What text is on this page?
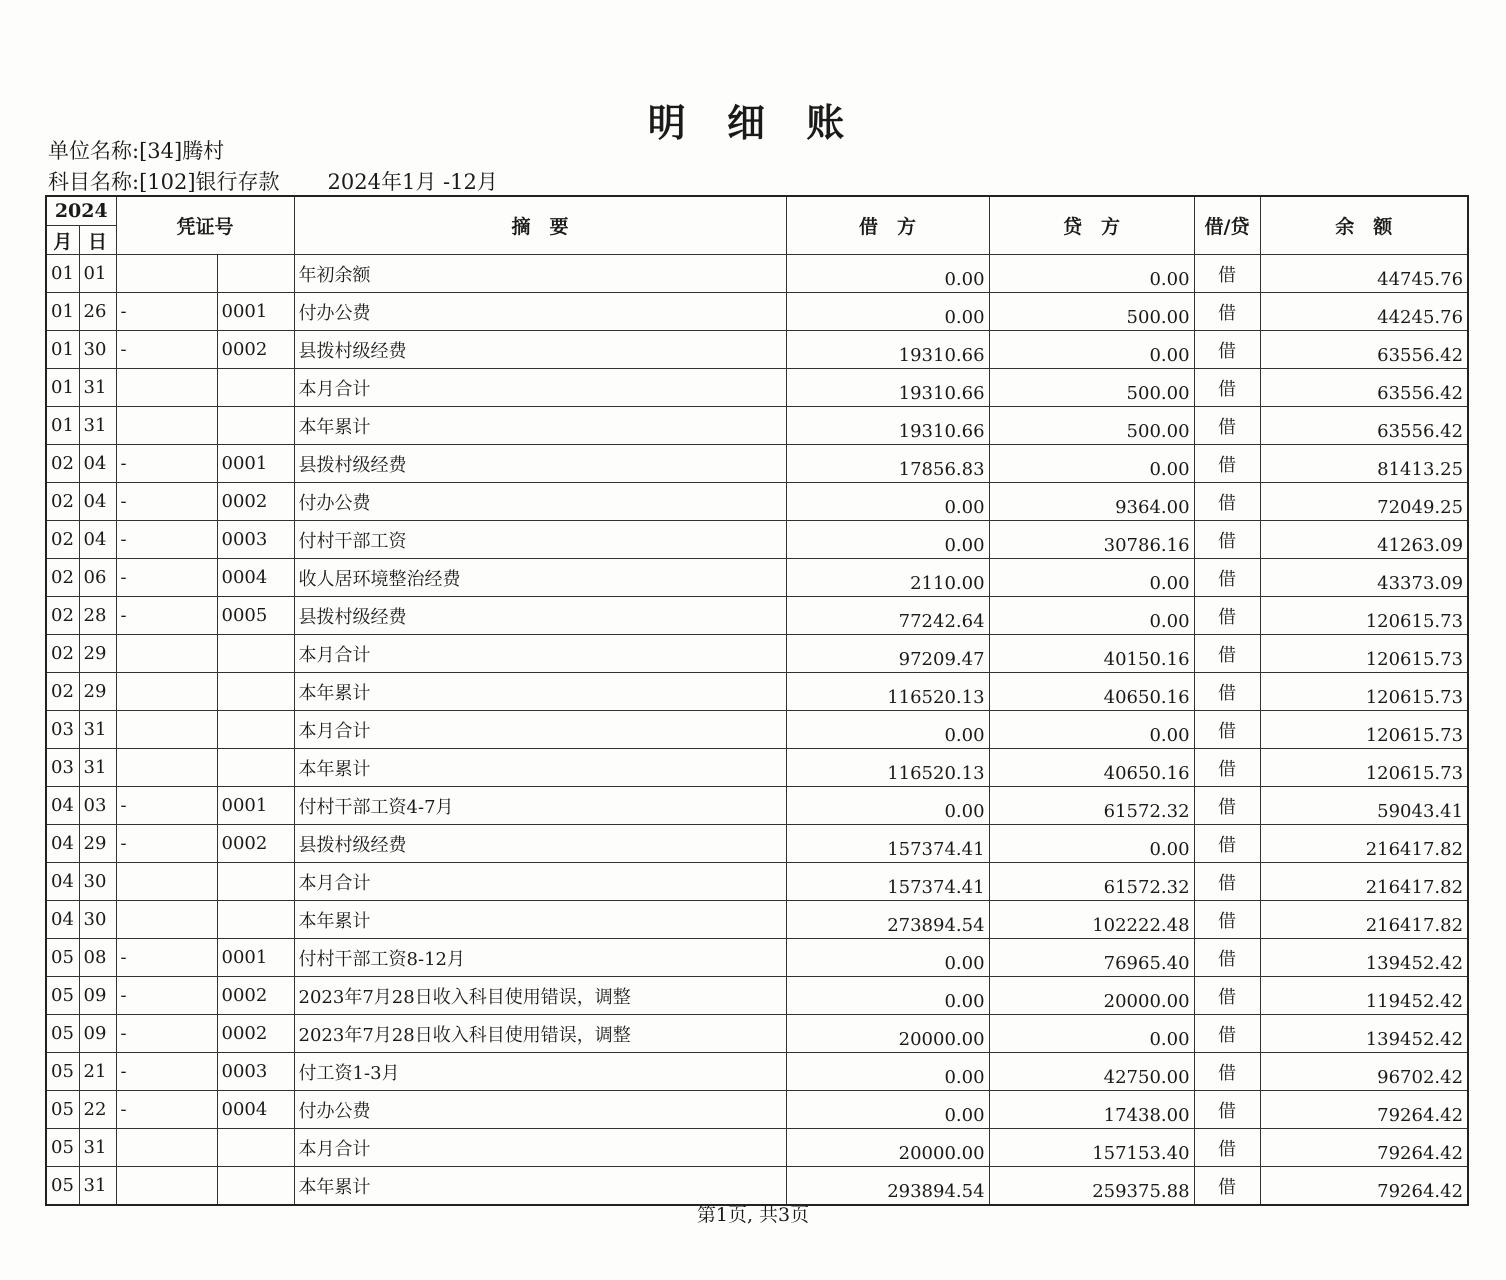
明 细 账
单位名称:[34]腾村
科目名称:[102]银行存款 2024年1月 -12月
2024		凭证号		摘　要	借　方	贷　方	借/贷	余　额
月	日							
01	01			年初余额	0.00	0.00	借	44745.76
01	26	-	0001	付办公费	0.00	500.00	借	44245.76
01	30	-	0002	县拨村级经费	19310.66	0.00	借	63556.42
01	31			本月合计	19310.66	500.00	借	63556.42
01	31			本年累计	19310.66	500.00	借	63556.42
02	04	-	0001	县拨村级经费	17856.83	0.00	借	81413.25
02	04	-	0002	付办公费	0.00	9364.00	借	72049.25
02	04	-	0003	付村干部工资	0.00	30786.16	借	41263.09
02	06	-	0004	收人居环境整治经费	2110.00	0.00	借	43373.09
02	28	-	0005	县拨村级经费	77242.64	0.00	借	120615.73
02	29			本月合计	97209.47	40150.16	借	120615.73
02	29			本年累计	116520.13	40650.16	借	120615.73
03	31			本月合计	0.00	0.00	借	120615.73
03	31			本年累计	116520.13	40650.16	借	120615.73
04	03	-	0001	付村干部工资4-7月	0.00	61572.32	借	59043.41
04	29	-	0002	县拨村级经费	157374.41	0.00	借	216417.82
04	30			本月合计	157374.41	61572.32	借	216417.82
04	30			本年累计	273894.54	102222.48	借	216417.82
05	08	-	0001	付村干部工资8-12月	0.00	76965.40	借	139452.42
05	09	-	0002	2023年7月28日收入科目使用错误，调整	0.00	20000.00	借	119452.42
05	09	-	0002	2023年7月28日收入科目使用错误，调整	20000.00	0.00	借	139452.42
05	21	-	0003	付工资1-3月	0.00	42750.00	借	96702.42
05	22	-	0004	付办公费	0.00	17438.00	借	79264.42
05	31			本月合计	20000.00	157153.40	借	79264.42
05	31			本年累计	293894.54	259375.88	借	79264.42
第1页, 共3页
